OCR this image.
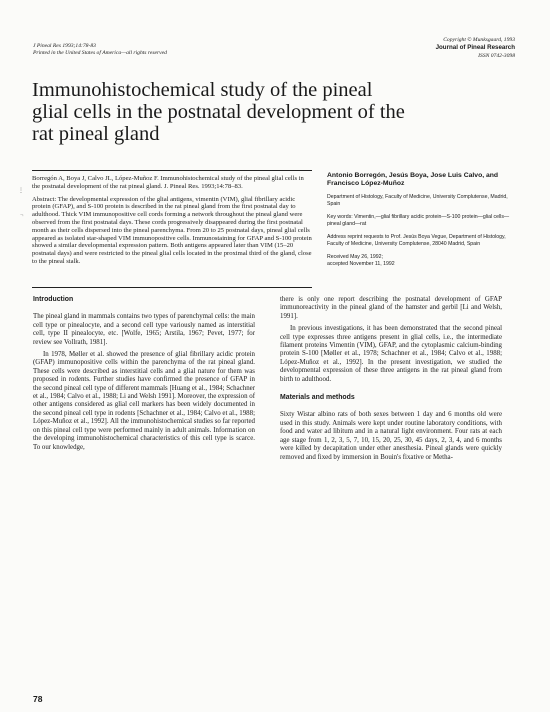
J Pineal Res 1993;14:78-83
Printed in the United States of America—all rights reserved
Copyright © Munksgaard, 1993
Journal of Pineal Research
ISSN 0742-3098
Immunohistochemical study of the pineal glial cells in the postnatal development of the rat pineal gland
⋮
¬

Borregón A, Boya J, Calvo JL, López-Muñoz F. Immunohistochemical study of the pineal glial cells in the postnatal development of the rat pineal gland. J. Pineal Res. 1993;14:78–83.

Abstract: The developmental expression of the glial antigens, vimentin (VIM), glial fibrillary acidic protein (GFAP), and S-100 protein is described in the rat pineal gland from the first postnatal day to adulthood. Thick VIM immunopositive cell cords forming a network throughout the pineal gland were observed from the first postnatal days. These cords progressively disappeared during the first postnatal month as their cells dispersed into the pineal parenchyma. From 20 to 25 postnatal days, pineal glial cells appeared as isolated star-shaped VIM immunopositive cells. Immunostaining for GFAP and S-100 protein showed a similar developmental expression pattern. Both antigens appeared later than VIM (15–20 postnatal days) and were restricted to the pineal glial cells located in the proximal third of the gland, close to the pineal stalk.

Antonio Borregón, Jesús Boya, Jose Luis Calvo, and Francisco López-Muñoz
Department of Histology, Faculty of Medicine, University Complutense, Madrid, Spain
Key words: Vimentin,—glial fibrillary acidic protein—S-100 protein—glial cells—pineal gland—rat
Address reprint requests to Prof. Jesús Boya Vegue, Department of Histology, Faculty of Medicine, University Complutense, 28040 Madrid, Spain
Received May 26, 1992;
accepted November 11, 1992
Introduction

The pineal gland in mammals contains two types of parenchymal cells: the main cell type or pinealocyte, and a second cell type variously named as interstitial cell, type II pinealocyte, etc. [Wolfe, 1965; Arstila, 1967; Pevet, 1977; for review see Vollrath, 1981].

In 1978, Møller et al. showed the presence of glial fibrillary acidic protein (GFAP) immunopositive cells within the parenchyma of the rat pineal gland. These cells were described as interstitial cells and a glial nature for them was proposed in rodents. Further studies have confirmed the presence of GFAP in the second pineal cell type of different mammals [Huang et al., 1984; Schachner et al., 1984; Calvo et al., 1988; Li and Welsh 1991]. Moreover, the expression of other antigens considered as glial cell markers has been widely documented in the second pineal cell type in rodents [Schachner et al., 1984; Calvo et al., 1988; López-Muñoz et al., 1992]. All the immunohistochemical studies so far reported on this pineal cell type were performed mainly in adult animals. Information on the developing immunohistochemical characteristics of this cell type is scarce. To our knowledge,

there is only one report describing the postnatal development of GFAP immunoreactivity in the pineal gland of the hamster and gerbil [Li and Welsh, 1991].

In previous investigations, it has been demonstrated that the second pineal cell type expresses three antigens present in glial cells, i.e., the intermediate filament proteins Vimentin (VIM), GFAP, and the cytoplasmic calcium-binding protein S-100 [Møller et al., 1978; Schachner et al., 1984; Calvo et al., 1988; López-Muñoz et al., 1992]. In the present investigation, we studied the developmental expression of these three antigens in the rat pineal gland from birth to adulthood.

Materials and methods

Sixty Wistar albino rats of both sexes between 1 day and 6 months old were used in this study. Animals were kept under routine laboratory conditions, with food and water ad libitum and in a natural light environment. Four rats at each age stage from 1, 2, 3, 5, 7, 10, 15, 20, 25, 30, 45 days, 2, 3, 4, and 6 months were killed by decapitation under ether anesthesia. Pineal glands were quickly removed and fixed by immersion in Bouin's fixative or Metha-

78
